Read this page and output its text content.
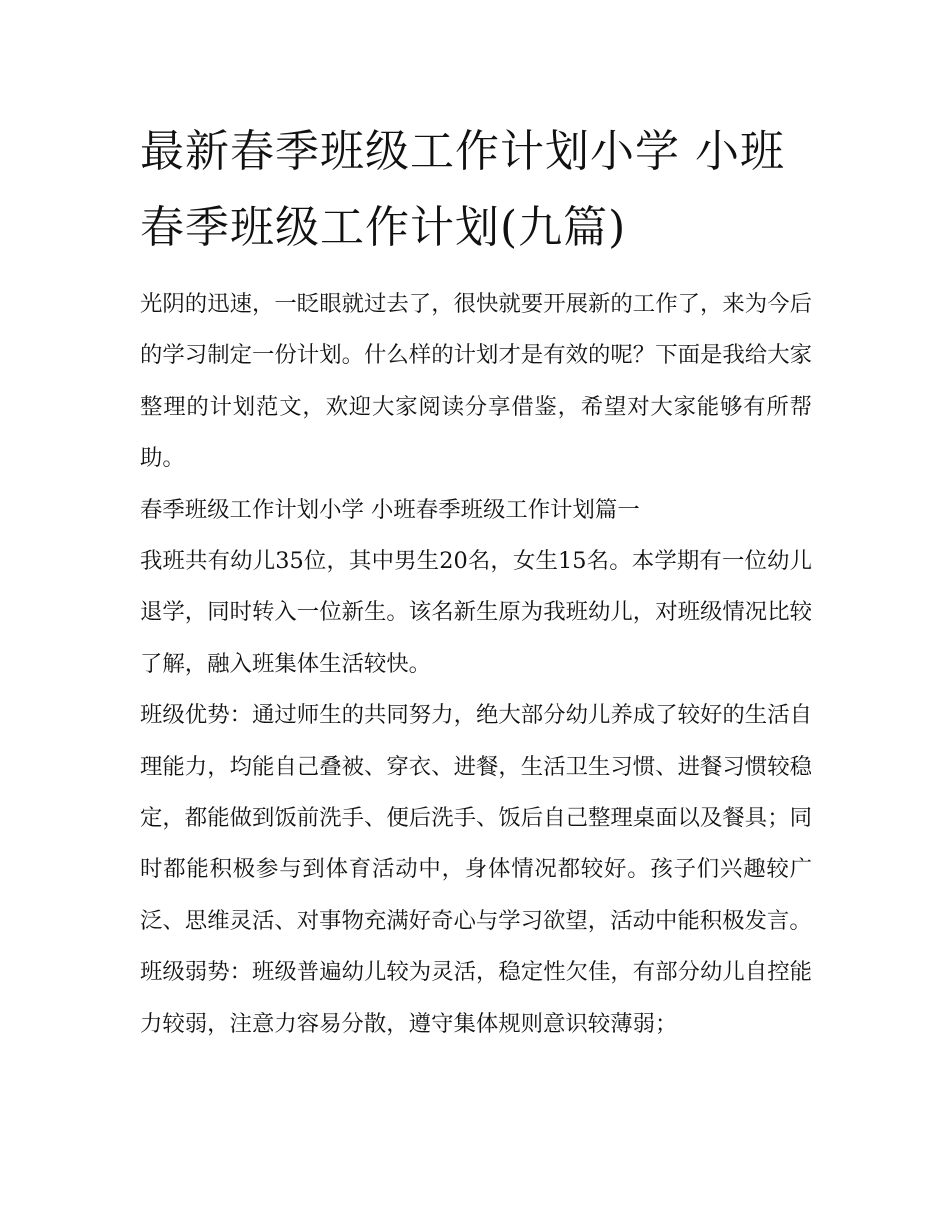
最新春季班级工作计划小学 小班春季班级工作计划(九篇)

光阴的迅速，一眨眼就过去了，很快就要开展新的工作了，来为今后的学习制定一份计划。什么样的计划才是有效的呢？下面是我给大家整理的计划范文，欢迎大家阅读分享借鉴，希望对大家能够有所帮助。

春季班级工作计划小学 小班春季班级工作计划篇一

我班共有幼儿35位，其中男生20名，女生15名。本学期有一位幼儿退学，同时转入一位新生。该名新生原为我班幼儿，对班级情况比较了解，融入班集体生活较快。

班级优势：通过师生的共同努力，绝大部分幼儿养成了较好的生活自理能力，均能自己叠被、穿衣、进餐，生活卫生习惯、进餐习惯较稳定，都能做到饭前洗手、便后洗手、饭后自己整理桌面以及餐具；同时都能积极参与到体育活动中，身体情况都较好。孩子们兴趣较广泛、思维灵活、对事物充满好奇心与学习欲望，活动中能积极发言。

班级弱势：班级普遍幼儿较为灵活，稳定性欠佳，有部分幼儿自控能力较弱，注意力容易分散，遵守集体规则意识较薄弱；
